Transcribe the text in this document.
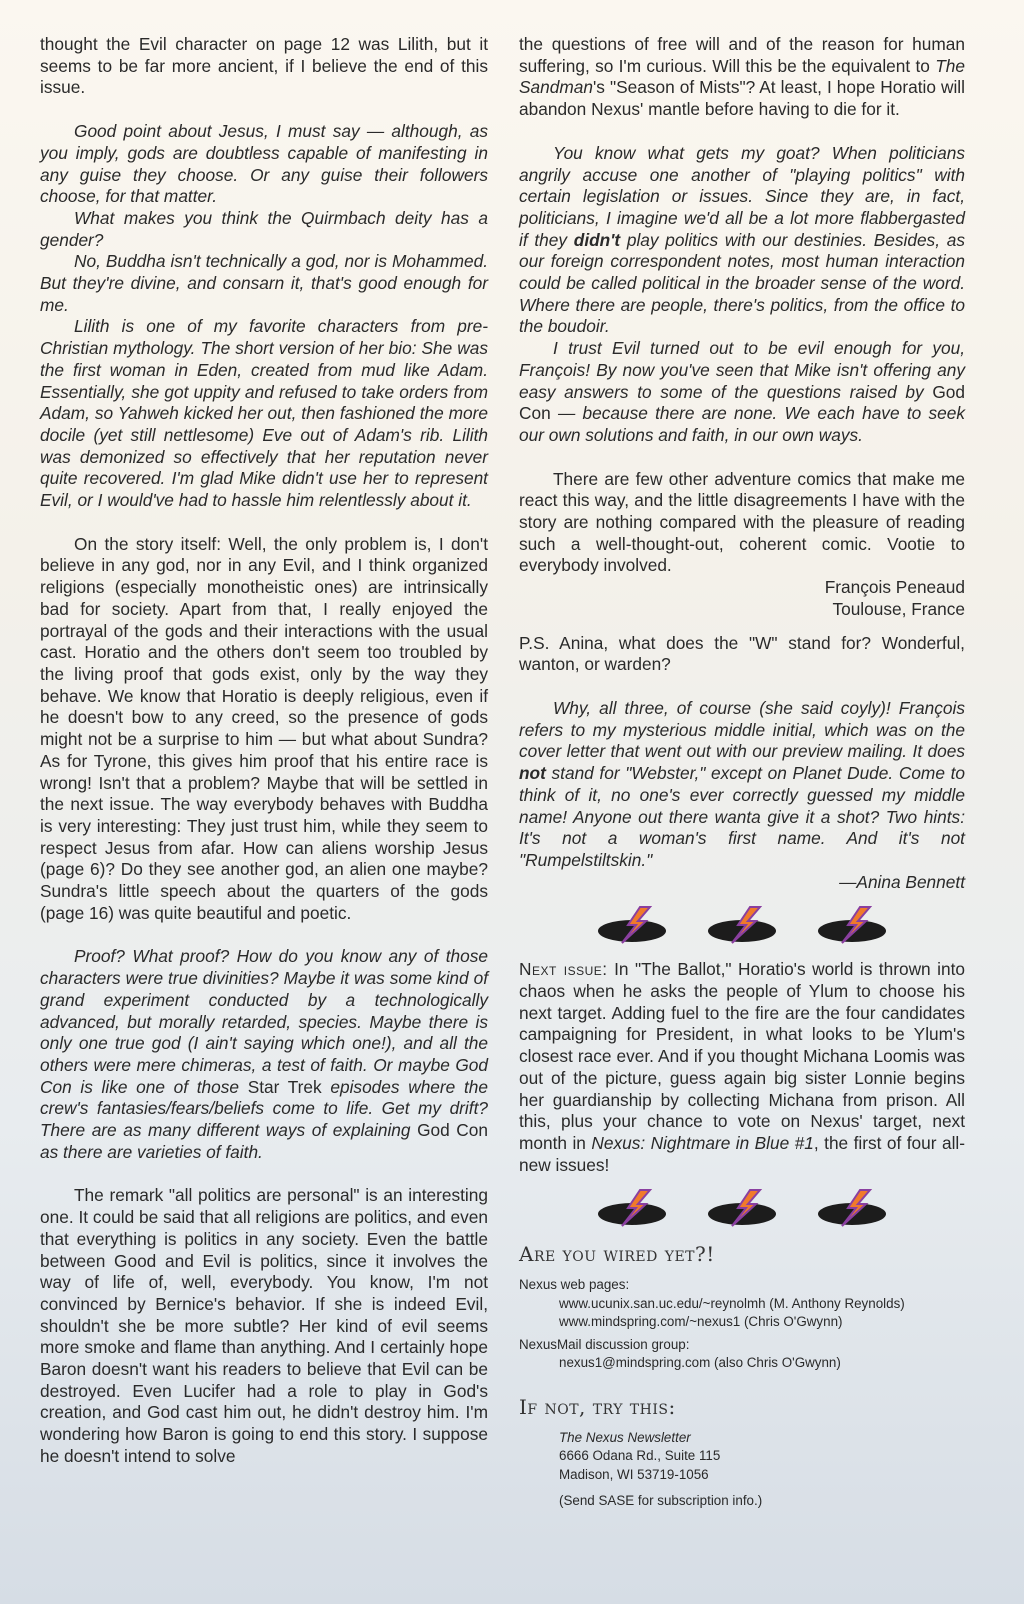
thought the Evil character on page 12 was Lilith, but it seems to be far more ancient, if I believe the end of this issue.

Good point about Jesus, I must say — although, as you imply, gods are doubtless capable of manifesting in any guise they choose. Or any guise their followers choose, for that matter.

What makes you think the Quirmbach deity has a gender?

No, Buddha isn't technically a god, nor is Mohammed. But they're divine, and consarn it, that's good enough for me.

Lilith is one of my favorite characters from pre-Christian mythology. The short version of her bio: She was the first woman in Eden, created from mud like Adam. Essentially, she got uppity and refused to take orders from Adam, so Yahweh kicked her out, then fashioned the more docile (yet still nettlesome) Eve out of Adam's rib. Lilith was demonized so effectively that her reputation never quite recovered. I'm glad Mike didn't use her to represent Evil, or I would've had to hassle him relentlessly about it.

On the story itself: Well, the only problem is, I don't believe in any god, nor in any Evil, and I think organized religions (especially monotheistic ones) are intrinsically bad for society. Apart from that, I really enjoyed the portrayal of the gods and their interactions with the usual cast. Horatio and the others don't seem too troubled by the living proof that gods exist, only by the way they behave. We know that Horatio is deeply religious, even if he doesn't bow to any creed, so the presence of gods might not be a surprise to him — but what about Sundra? As for Tyrone, this gives him proof that his entire race is wrong! Isn't that a problem? Maybe that will be settled in the next issue. The way everybody behaves with Buddha is very interesting: They just trust him, while they seem to respect Jesus from afar. How can aliens worship Jesus (page 6)? Do they see another god, an alien one maybe? Sundra's little speech about the quarters of the gods (page 16) was quite beautiful and poetic.

Proof? What proof? How do you know any of those characters were true divinities? Maybe it was some kind of grand experiment conducted by a technologically advanced, but morally retarded, species. Maybe there is only one true god (I ain't saying which one!), and all the others were mere chimeras, a test of faith. Or maybe God Con is like one of those Star Trek episodes where the crew's fantasies/fears/beliefs come to life. Get my drift? There are as many different ways of explaining God Con as there are varieties of faith.

The remark "all politics are personal" is an interesting one. It could be said that all religions are politics, and even that everything is politics in any society. Even the battle between Good and Evil is politics, since it involves the way of life of, well, everybody. You know, I'm not convinced by Bernice's behavior. If she is indeed Evil, shouldn't she be more subtle? Her kind of evil seems more smoke and flame than anything. And I certainly hope Baron doesn't want his readers to believe that Evil can be destroyed. Even Lucifer had a role to play in God's creation, and God cast him out, he didn't destroy him. I'm wondering how Baron is going to end this story. I suppose he doesn't intend to solve

the questions of free will and of the reason for human suffering, so I'm curious. Will this be the equivalent to The Sandman's "Season of Mists"? At least, I hope Horatio will abandon Nexus' mantle before having to die for it.

You know what gets my goat? When politicians angrily accuse one another of "playing politics" with certain legislation or issues. Since they are, in fact, politicians, I imagine we'd all be a lot more flabbergasted if they didn't play politics with our destinies. Besides, as our foreign correspondent notes, most human interaction could be called political in the broader sense of the word. Where there are people, there's politics, from the office to the boudoir.

I trust Evil turned out to be evil enough for you, François! By now you've seen that Mike isn't offering any easy answers to some of the questions raised by God Con — because there are none. We each have to seek our own solutions and faith, in our own ways.

There are few other adventure comics that make me react this way, and the little disagreements I have with the story are nothing compared with the pleasure of reading such a well-thought-out, coherent comic. Vootie to everybody involved.

François Peneaud

Toulouse, France

P.S. Anina, what does the "W" stand for? Wonderful, wanton, or warden?

Why, all three, of course (she said coyly)! François refers to my mysterious middle initial, which was on the cover letter that went out with our preview mailing. It does not stand for "Webster," except on Planet Dude. Come to think of it, no one's ever correctly guessed my middle name! Anyone out there wanta give it a shot? Two hints: It's not a woman's first name. And it's not "Rumpelstiltskin."

—Anina Bennett

Next issue: In "The Ballot," Horatio's world is thrown into chaos when he asks the people of Ylum to choose his next target. Adding fuel to the fire are the four candidates campaigning for President, in what looks to be Ylum's closest race ever. And if you thought Michana Loomis was out of the picture, guess again big sister Lonnie begins her guardianship by collecting Michana from prison. All this, plus your chance to vote on Nexus' target, next month in Nexus: Nightmare in Blue #1, the first of four all-new issues!

Are you wired yet?!
Nexus web pages:
www.ucunix.san.uc.edu/~reynolmh (M. Anthony Reynolds)
www.mindspring.com/~nexus1 (Chris O'Gwynn)
NexusMail discussion group:
nexus1@mindspring.com (also Chris O'Gwynn)
If not, try this:
The Nexus Newsletter
6666 Odana Rd., Suite 115
Madison, WI 53719-1056
(Send SASE for subscription info.)
